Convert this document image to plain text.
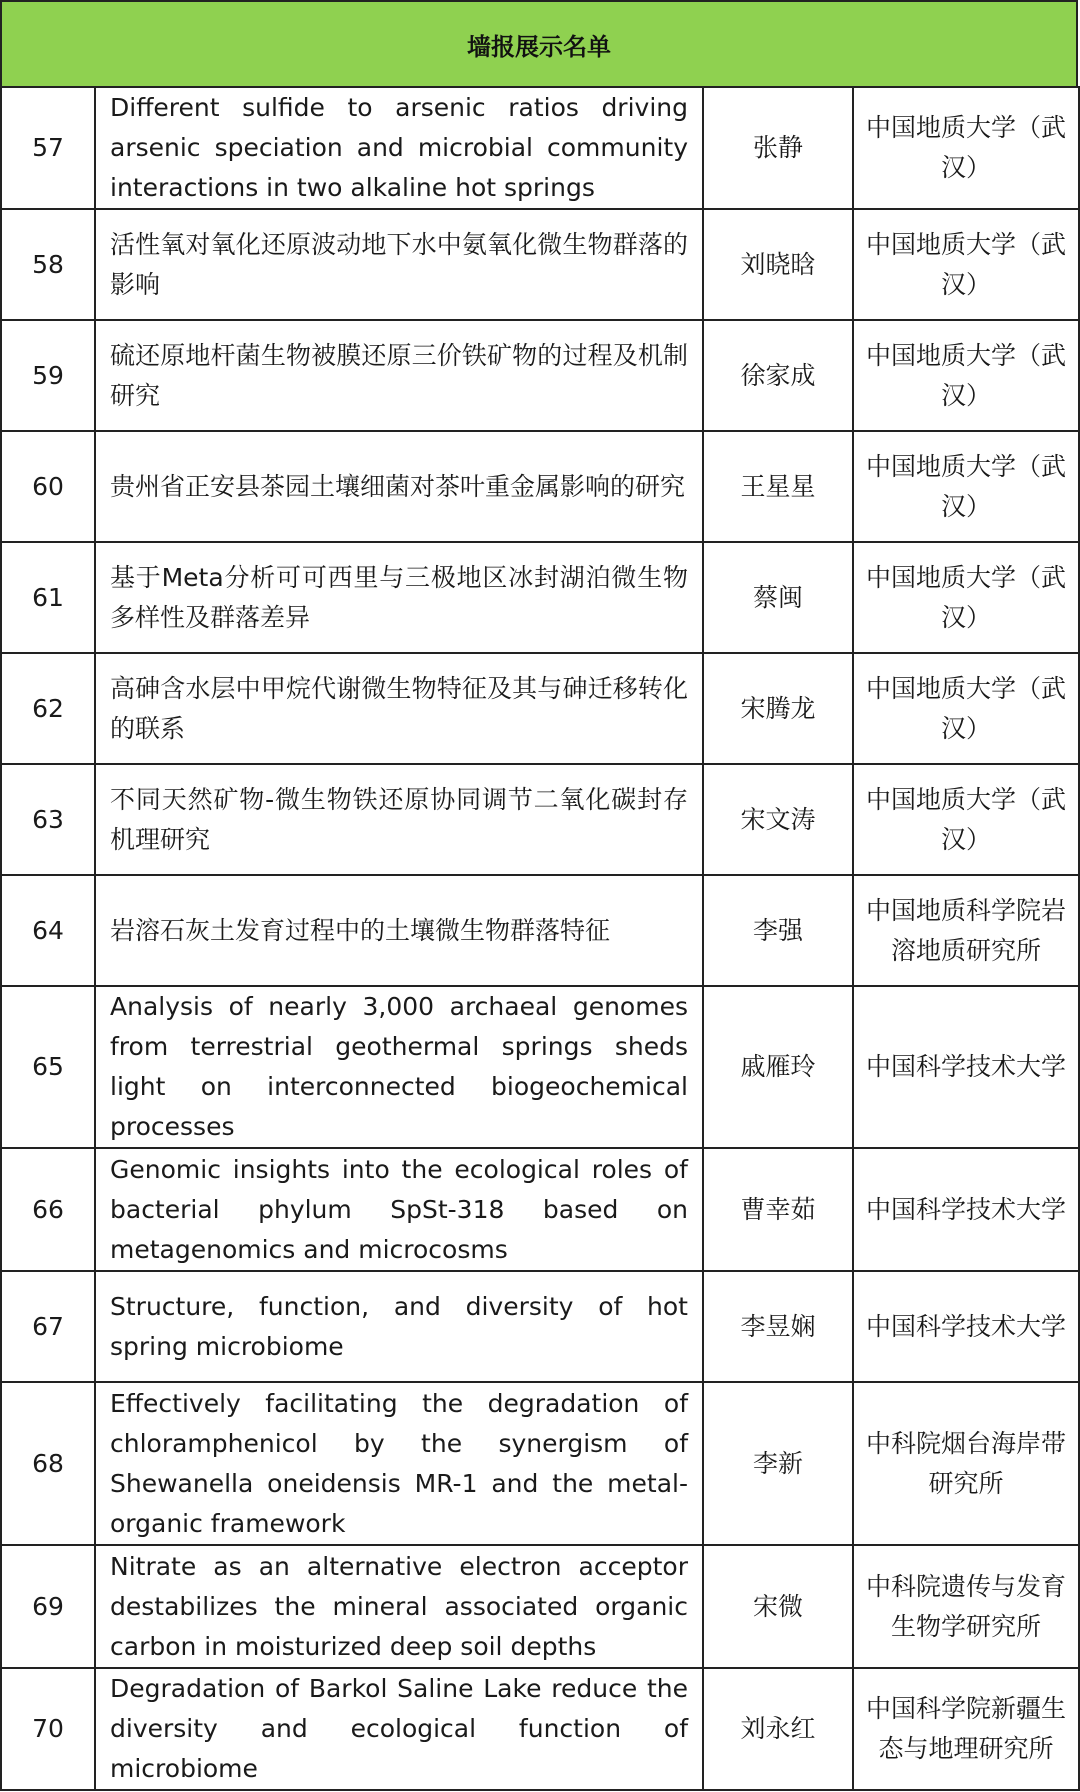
墙报展示名单
57	Different sulfide to arsenic ratios driving arsenic speciation and microbial community interactions in two alkaline hot springs	张静	中国地质大学（武汉）
58	活性氧对氧化还原波动地下水中氨氧化微生物群落的影响	刘晓晗	中国地质大学（武汉）
59	硫还原地杆菌生物被膜还原三价铁矿物的过程及机制研究	徐家成	中国地质大学（武汉）
60	贵州省正安县茶园土壤细菌对茶叶重金属影响的研究	王星星	中国地质大学（武汉）
61	基于Meta分析可可西里与三极地区冰封湖泊微生物多样性及群落差异	蔡闽	中国地质大学（武汉）
62	高砷含水层中甲烷代谢微生物特征及其与砷迁移转化的联系	宋腾龙	中国地质大学（武汉）
63	不同天然矿物-微生物铁还原协同调节二氧化碳封存机理研究	宋文涛	中国地质大学（武汉）
64	岩溶石灰土发育过程中的土壤微生物群落特征	李强	中国地质科学院岩溶地质研究所
65	Analysis of nearly 3,000 archaeal genomes from terrestrial geothermal springs sheds light on interconnected biogeochemical processes	戚雁玲	中国科学技术大学
66	Genomic insights into the ecological roles of bacterial phylum SpSt-318 based on metagenomics and microcosms	曹幸茹	中国科学技术大学
67	Structure, function, and diversity of hot spring microbiome	李昱娴	中国科学技术大学
68	Effectively facilitating the degradation of chloramphenicol by the synergism of Shewanella oneidensis MR-1 and the metal-organic framework	李新	中科院烟台海岸带研究所
69	Nitrate as an alternative electron acceptor destabilizes the mineral associated organic carbon in moisturized deep soil depths	宋微	中科院遗传与发育生物学研究所
70	Degradation of Barkol Saline Lake reduce the diversity and ecological function of microbiome	刘永红	中国科学院新疆生态与地理研究所
